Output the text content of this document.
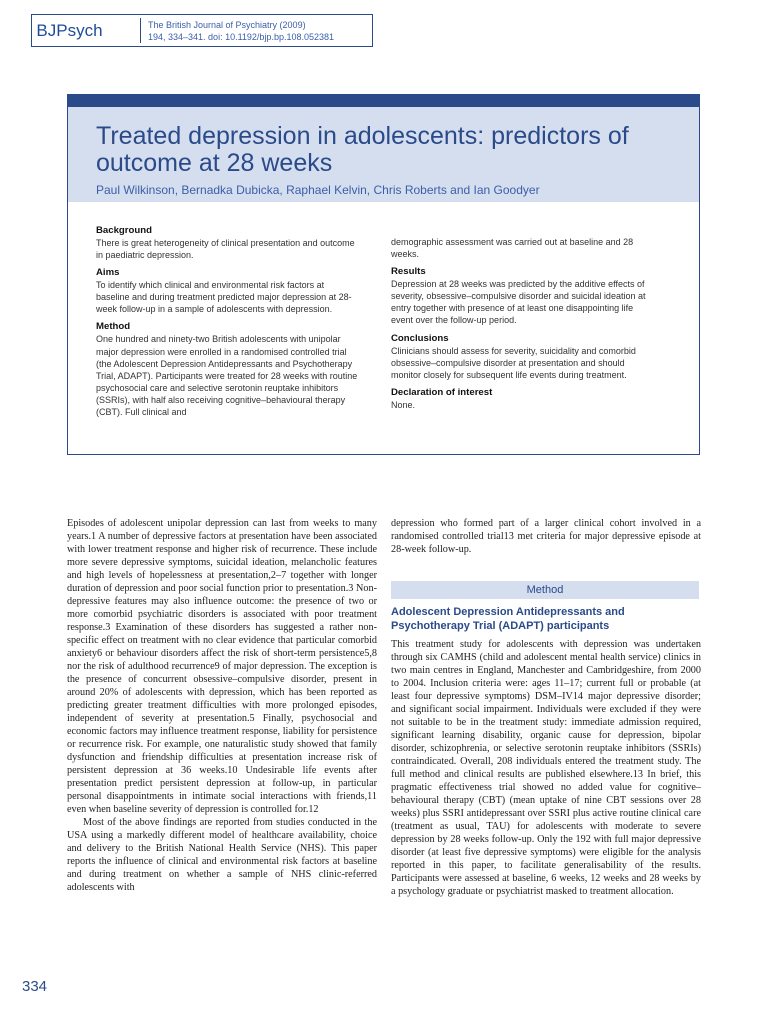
BJPsych	The British Journal of Psychiatry (2009)
194, 334–341. doi: 10.1192/bjp.bp.108.052381
Treated depression in adolescents: predictors of outcome at 28 weeks
Paul Wilkinson, Bernadka Dubicka, Raphael Kelvin, Chris Roberts and Ian Goodyer
Background

There is great heterogeneity of clinical presentation and outcome in paediatric depression.

Aims

To identify which clinical and environmental risk factors at baseline and during treatment predicted major depression at 28-week follow-up in a sample of adolescents with depression.

Method

One hundred and ninety-two British adolescents with unipolar major depression were enrolled in a randomised controlled trial (the Adolescent Depression Antidepressants and Psychotherapy Trial, ADAPT). Participants were treated for 28 weeks with routine psychosocial care and selective serotonin reuptake inhibitors (SSRIs), with half also receiving cognitive–behavioural therapy (CBT). Full clinical and

demographic assessment was carried out at baseline and 28 weeks.

Results

Depression at 28 weeks was predicted by the additive effects of severity, obsessive–compulsive disorder and suicidal ideation at entry together with presence of at least one disappointing life event over the follow-up period.

Conclusions

Clinicians should assess for severity, suicidality and comorbid obsessive–compulsive disorder at presentation and should monitor closely for subsequent life events during treatment.

Declaration of interest

None.

Episodes of adolescent unipolar depression can last from weeks to many years.1 A number of depressive factors at presentation have been associated with lower treatment response and higher risk of recurrence. These include more severe depressive symptoms, suicidal ideation, melancholic features and high levels of hopelessness at presentation,2–7 together with longer duration of depression and poor social function prior to presentation.3 Non-depressive features may also influence outcome: the presence of two or more comorbid psychiatric disorders is associated with poor treatment response.3 Examination of these disorders has suggested a rather non-specific effect on treatment with no clear evidence that particular comorbid anxiety6 or behaviour disorders affect the risk of short-term persistence5,8 nor the risk of adulthood recurrence9 of major depression. The exception is the presence of concurrent obsessive–compulsive disorder, present in around 20% of adolescents with depression, which has been reported as predicting greater treatment difficulties with more prolonged episodes, independent of severity at presentation.5 Finally, psychosocial and economic factors may influence treatment response, liability for persistence or recurrence risk. For example, one naturalistic study showed that family dysfunction and friendship difficulties at presentation increase risk of persistent depression at 36 weeks.10 Undesirable life events after presentation predict persistent depression at follow-up, in particular personal disappointments in intimate social interactions with friends,11 even when baseline severity of depression is controlled for.12

Most of the above findings are reported from studies conducted in the USA using a markedly different model of healthcare availability, choice and delivery to the British National Health Service (NHS). This paper reports the influence of clinical and environmental risk factors at baseline and during treatment on whether a sample of NHS clinic-referred adolescents with

depression who formed part of a larger clinical cohort involved in a randomised controlled trial13 met criteria for major depressive episode at 28-week follow-up.

Method
Adolescent Depression Antidepressants and Psychotherapy Trial (ADAPT) participants

This treatment study for adolescents with depression was undertaken through six CAMHS (child and adolescent mental health service) clinics in two main centres in England, Manchester and Cambridgeshire, from 2000 to 2004. Inclusion criteria were: ages 11–17; current full or probable (at least four depressive symptoms) DSM–IV14 major depressive disorder; and significant social impairment. Individuals were excluded if they were not suitable to be in the treatment study: immediate admission required, significant learning disability, organic cause for depression, bipolar disorder, schizophrenia, or selective serotonin reuptake inhibitors (SSRIs) contraindicated. Overall, 208 individuals entered the treatment study. The full method and clinical results are published elsewhere.13 In brief, this pragmatic effectiveness trial showed no added value for cognitive–behavioural therapy (CBT) (mean uptake of nine CBT sessions over 28 weeks) plus SSRI antidepressant over SSRI plus active routine clinical care (treatment as usual, TAU) for adolescents with moderate to severe depression by 28 weeks follow-up. Only the 192 with full major depressive disorder (at least five depressive symptoms) were eligible for the analysis reported in this paper, to facilitate generalisability of the results. Participants were assessed at baseline, 6 weeks, 12 weeks and 28 weeks by a psychology graduate or psychiatrist masked to treatment allocation.

334
